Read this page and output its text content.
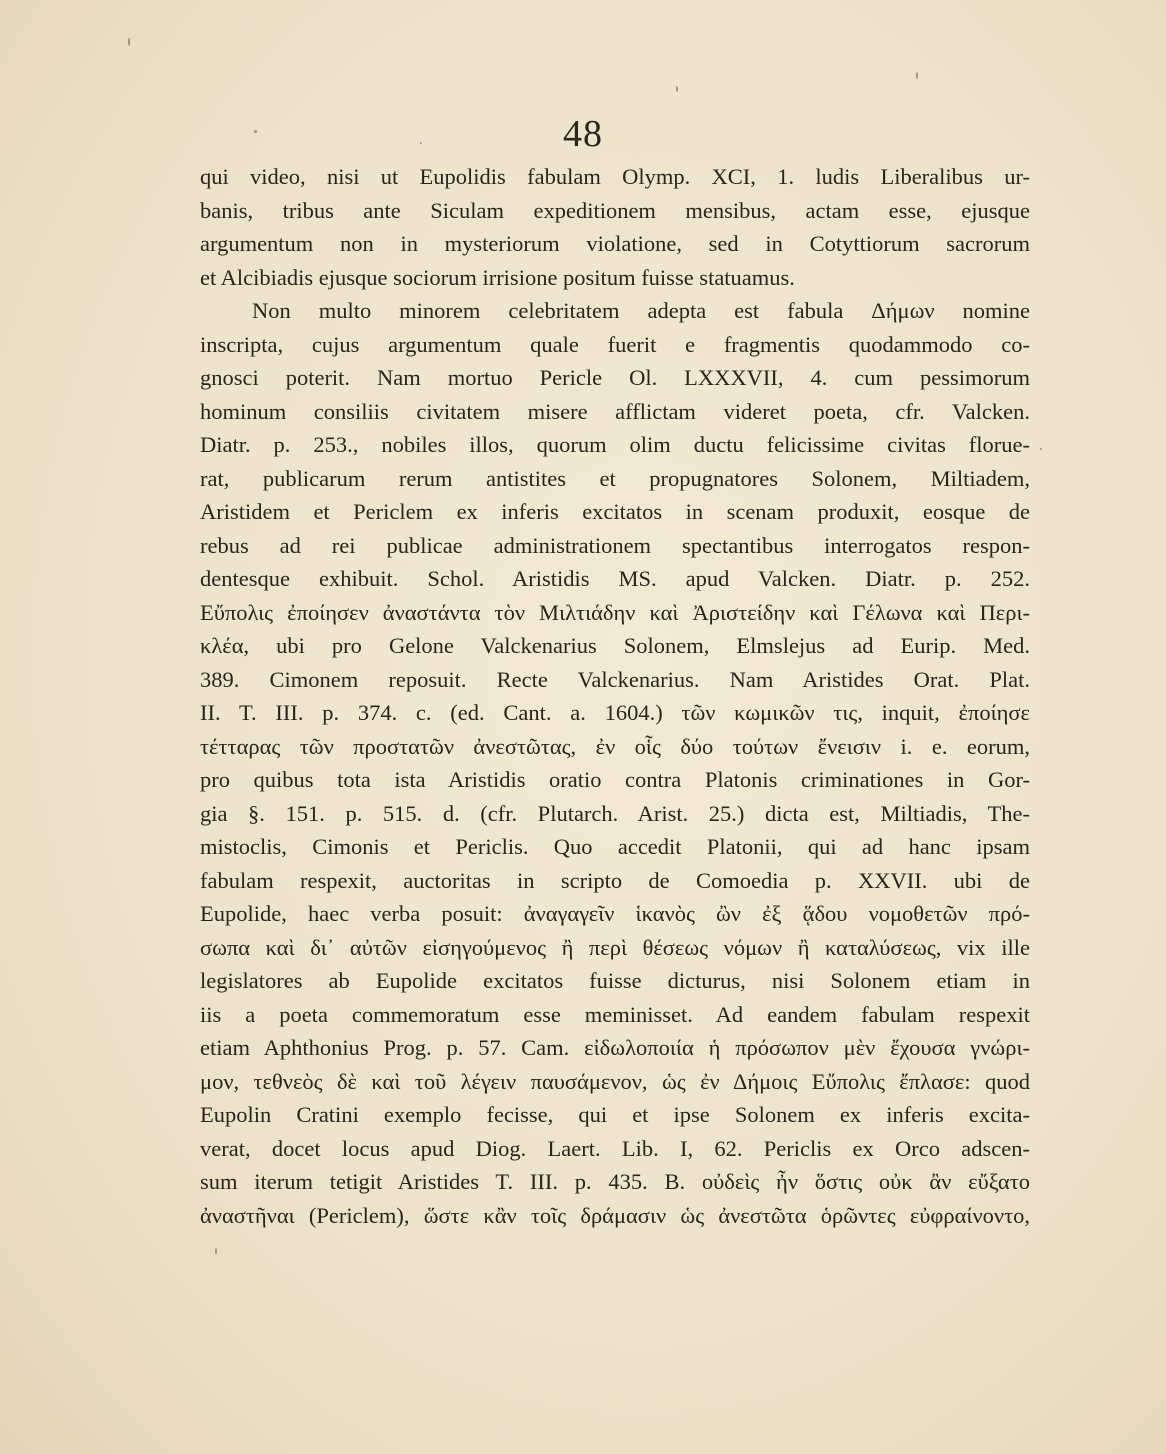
48
qui video, nisi ut Eupolidis fabulam Olymp. XCI, 1. ludis Liberalibus ur-
banis, tribus ante Siculam expeditionem mensibus, actam esse, ejusque
argumentum non in mysteriorum violatione, sed in Cotyttiorum sacrorum
et Alcibiadis ejusque sociorum irrisione positum fuisse statuamus.
Non multo minorem celebritatem adepta est fabula Δήμων nomine
inscripta, cujus argumentum quale fuerit e fragmentis quodammodo co-
gnosci poterit. Nam mortuo Pericle Ol. LXXXVII, 4. cum pessimorum
hominum consiliis civitatem misere afflictam videret poeta, cfr. Valcken.
Diatr. p. 253., nobiles illos, quorum olim ductu felicissime civitas florue-
rat, publicarum rerum antistites et propugnatores Solonem, Miltiadem,
Aristidem et Periclem ex inferis excitatos in scenam produxit, eosque de
rebus ad rei publicae administrationem spectantibus interrogatos respon-
dentesque exhibuit. Schol. Aristidis MS. apud Valcken. Diatr. p. 252.
Εὔπολις ἐποίησεν ἀναστάντα τὸν Μιλτιάδην καὶ Ἀριστείδην καὶ Γέλωνα καὶ Περι-
κλέα, ubi pro Gelone Valckenarius Solonem, Elmslejus ad Eurip. Med.
389. Cimonem reposuit. Recte Valckenarius. Nam Aristides Orat. Plat.
II. T. III. p. 374. c. (ed. Cant. a. 1604.) τῶν κωμικῶν τις, inquit, ἐποίησε
τέτταρας τῶν προστατῶν ἀνεστῶτας, ἐν οἷς δύο τούτων ἔνεισιν i. e. eorum,
pro quibus tota ista Aristidis oratio contra Platonis criminationes in Gor-
gia §. 151. p. 515. d. (cfr. Plutarch. Arist. 25.) dicta est, Miltiadis, The-
mistoclis, Cimonis et Periclis. Quo accedit Platonii, qui ad hanc ipsam
fabulam respexit, auctoritas in scripto de Comoedia p. XXVII. ubi de
Eupolide, haec verba posuit: ἀναγαγεῖν ἱκανὸς ὢν ἐξ ᾅδου νομοθετῶν πρό-
σωπα καὶ δι᾽ αὐτῶν εἰσηγούμενος ἢ περὶ θέσεως νόμων ἢ καταλύσεως, vix ille
legislatores ab Eupolide excitatos fuisse dicturus, nisi Solonem etiam in
iis a poeta commemoratum esse meminisset. Ad eandem fabulam respexit
etiam Aphthonius Prog. p. 57. Cam. εἰδωλοποιία ἡ πρόσωπον μὲν ἔχουσα γνώρι-
μον, τεθνεὸς δὲ καὶ τοῦ λέγειν παυσάμενον, ὡς ἐν Δήμοις Εὔπολις ἔπλασε: quod
Eupolin Cratini exemplo fecisse, qui et ipse Solonem ex inferis excita-
verat, docet locus apud Diog. Laert. Lib. I, 62. Periclis ex Orco adscen-
sum iterum tetigit Aristides T. III. p. 435. B. οὐδεὶς ἦν ὅστις οὐκ ἂν εὔξατο
ἀναστῆναι (Periclem), ὥστε κἂν τοῖς δράμασιν ὡς ἀνεστῶτα ὁρῶντες εὐφραίνοντο,
